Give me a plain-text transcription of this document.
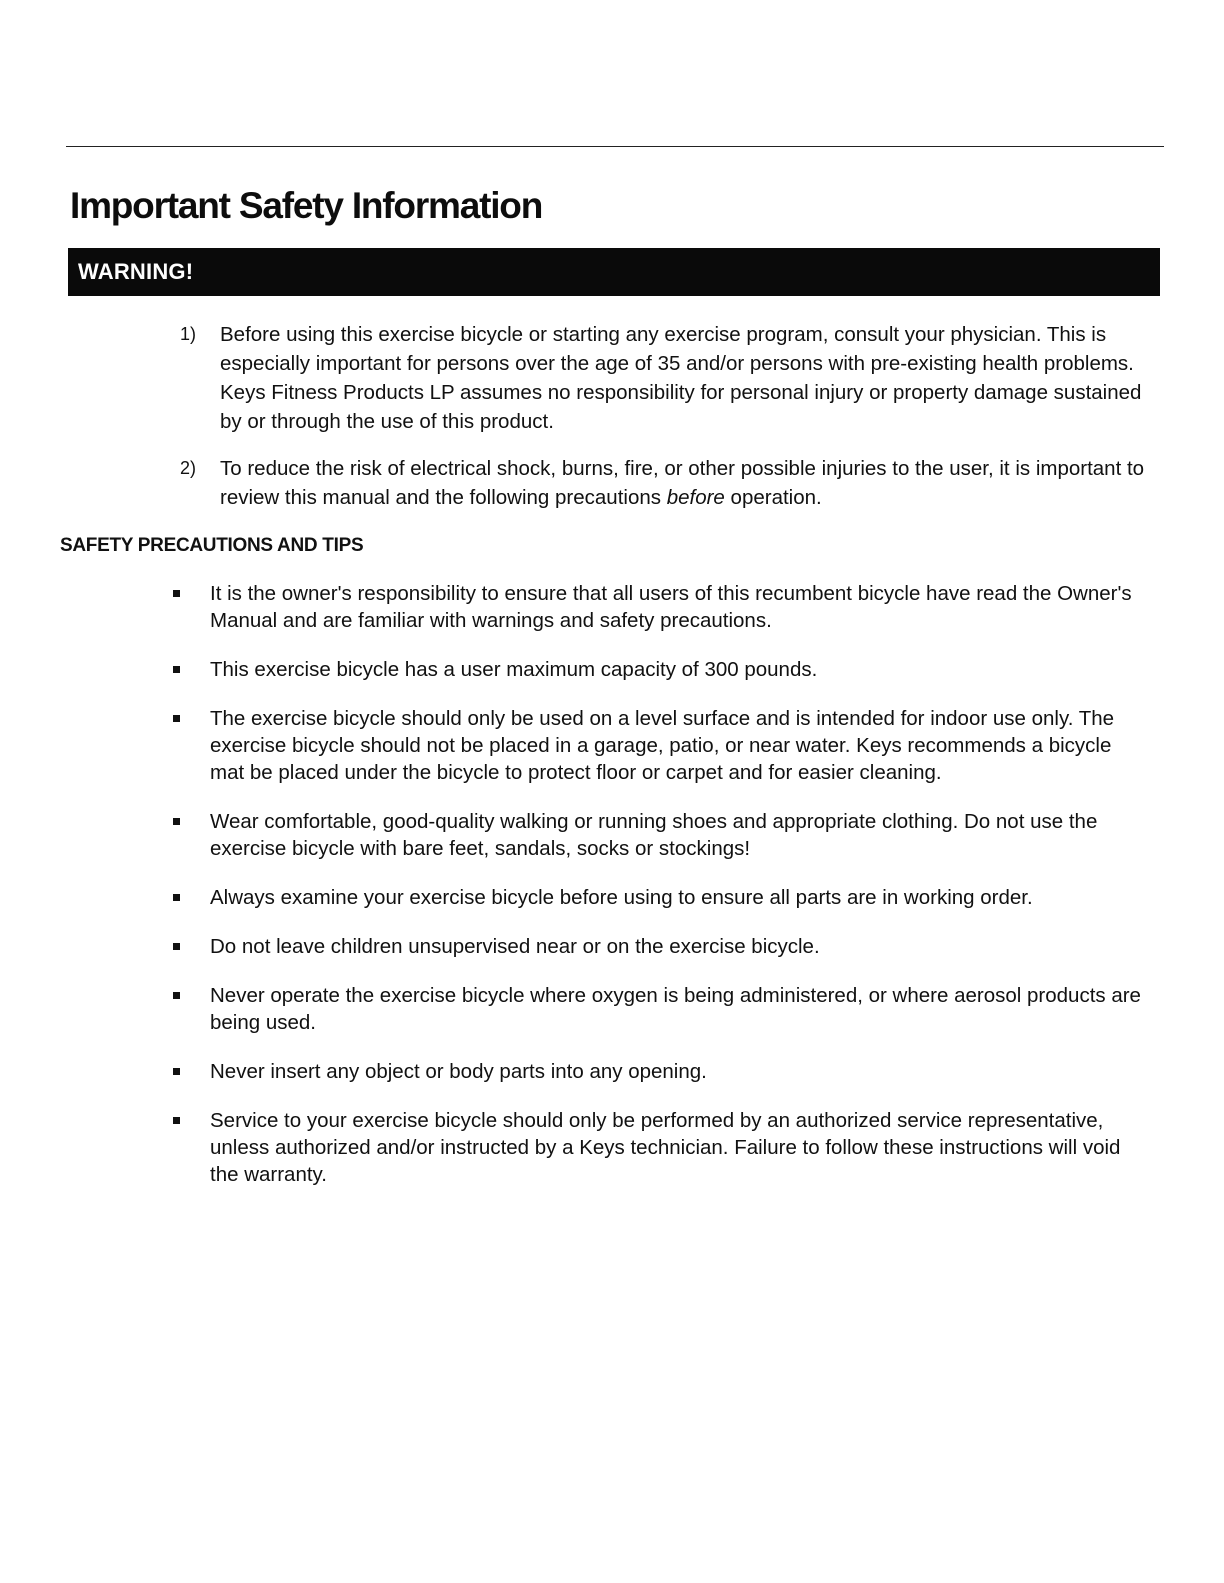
Important Safety Information
WARNING!
1) Before using this exercise bicycle or starting any exercise program, consult your physician. This is especially important for persons over the age of 35 and/or persons with pre-existing health problems. Keys Fitness Products LP assumes no responsibility for personal injury or property damage sustained by or through the use of this product.
2) To reduce the risk of electrical shock, burns, fire, or other possible injuries to the user, it is important to review this manual and the following precautions before operation.
SAFETY PRECAUTIONS AND TIPS
It is the owner's responsibility to ensure that all users of this recumbent bicycle have read the Owner's Manual and are familiar with warnings and safety precautions.
This exercise bicycle has a user maximum capacity of 300 pounds.
The exercise bicycle should only be used on a level surface and is intended for indoor use only. The exercise bicycle should not be placed in a garage, patio, or near water. Keys recommends a bicycle mat be placed under the bicycle to protect floor or carpet and for easier cleaning.
Wear comfortable, good-quality walking or running shoes and appropriate clothing. Do not use the exercise bicycle with bare feet, sandals, socks or stockings!
Always examine your exercise bicycle before using to ensure all parts are in working order.
Do not leave children unsupervised near or on the exercise bicycle.
Never operate the exercise bicycle where oxygen is being administered, or where aerosol products are being used.
Never insert any object or body parts into any opening.
Service to your exercise bicycle should only be performed by an authorized service representative, unless authorized and/or instructed by a Keys technician. Failure to follow these instructions will void the warranty.
